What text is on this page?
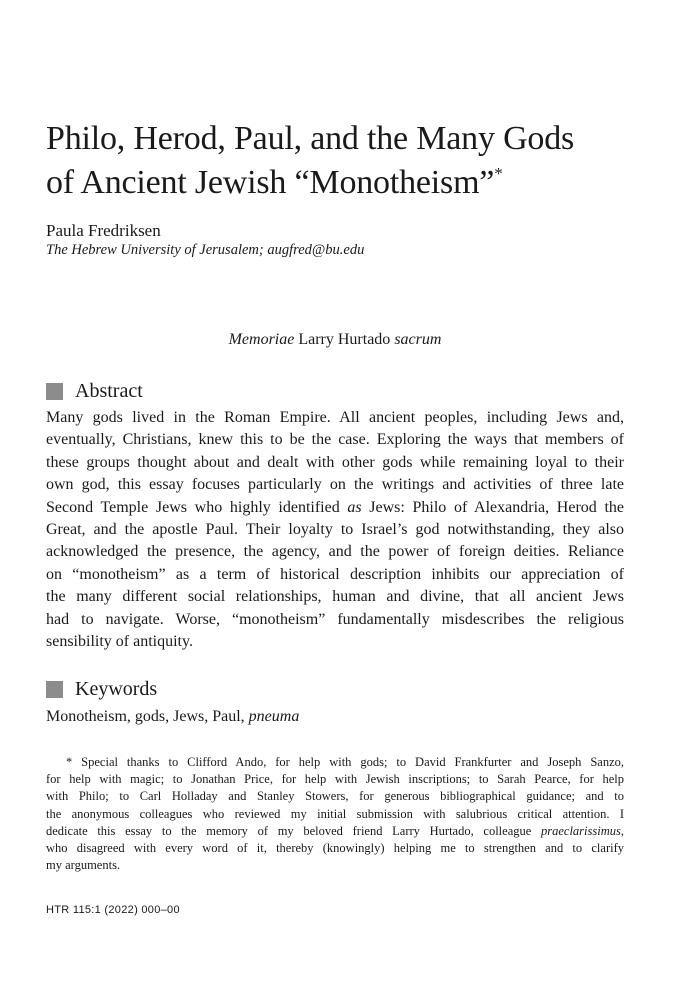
Philo, Herod, Paul, and the Many Gods
of Ancient Jewish “Monotheism”*
Paula Fredriksen
The Hebrew University of Jerusalem; augfred@bu.edu
Memoriae Larry Hurtado sacrum
Abstract
Many gods lived in the Roman Empire. All ancient peoples, including Jews and,
eventually, Christians, knew this to be the case. Exploring the ways that members of
these groups thought about and dealt with other gods while remaining loyal to their
own god, this essay focuses particularly on the writings and activities of three late
Second Temple Jews who highly identified as Jews: Philo of Alexandria, Herod the
Great, and the apostle Paul. Their loyalty to Israel’s god notwithstanding, they also
acknowledged the presence, the agency, and the power of foreign deities. Reliance
on “monotheism” as a term of historical description inhibits our appreciation of
the many different social relationships, human and divine, that all ancient Jews
had to navigate. Worse, “monotheism” fundamentally misdescribes the religious
sensibility of antiquity.
Keywords
Monotheism, gods, Jews, Paul, pneuma
* Special thanks to Clifford Ando, for help with gods; to David Frankfurter and Joseph Sanzo,
for help with magic; to Jonathan Price, for help with Jewish inscriptions; to Sarah Pearce, for help
with Philo; to Carl Holladay and Stanley Stowers, for generous bibliographical guidance; and to
the anonymous colleagues who reviewed my initial submission with salubrious critical attention. I
dedicate this essay to the memory of my beloved friend Larry Hurtado, colleague praeclarissimus,
who disagreed with every word of it, thereby (knowingly) helping me to strengthen and to clarify
my arguments.
HTR 115:1 (2022) 000–00
